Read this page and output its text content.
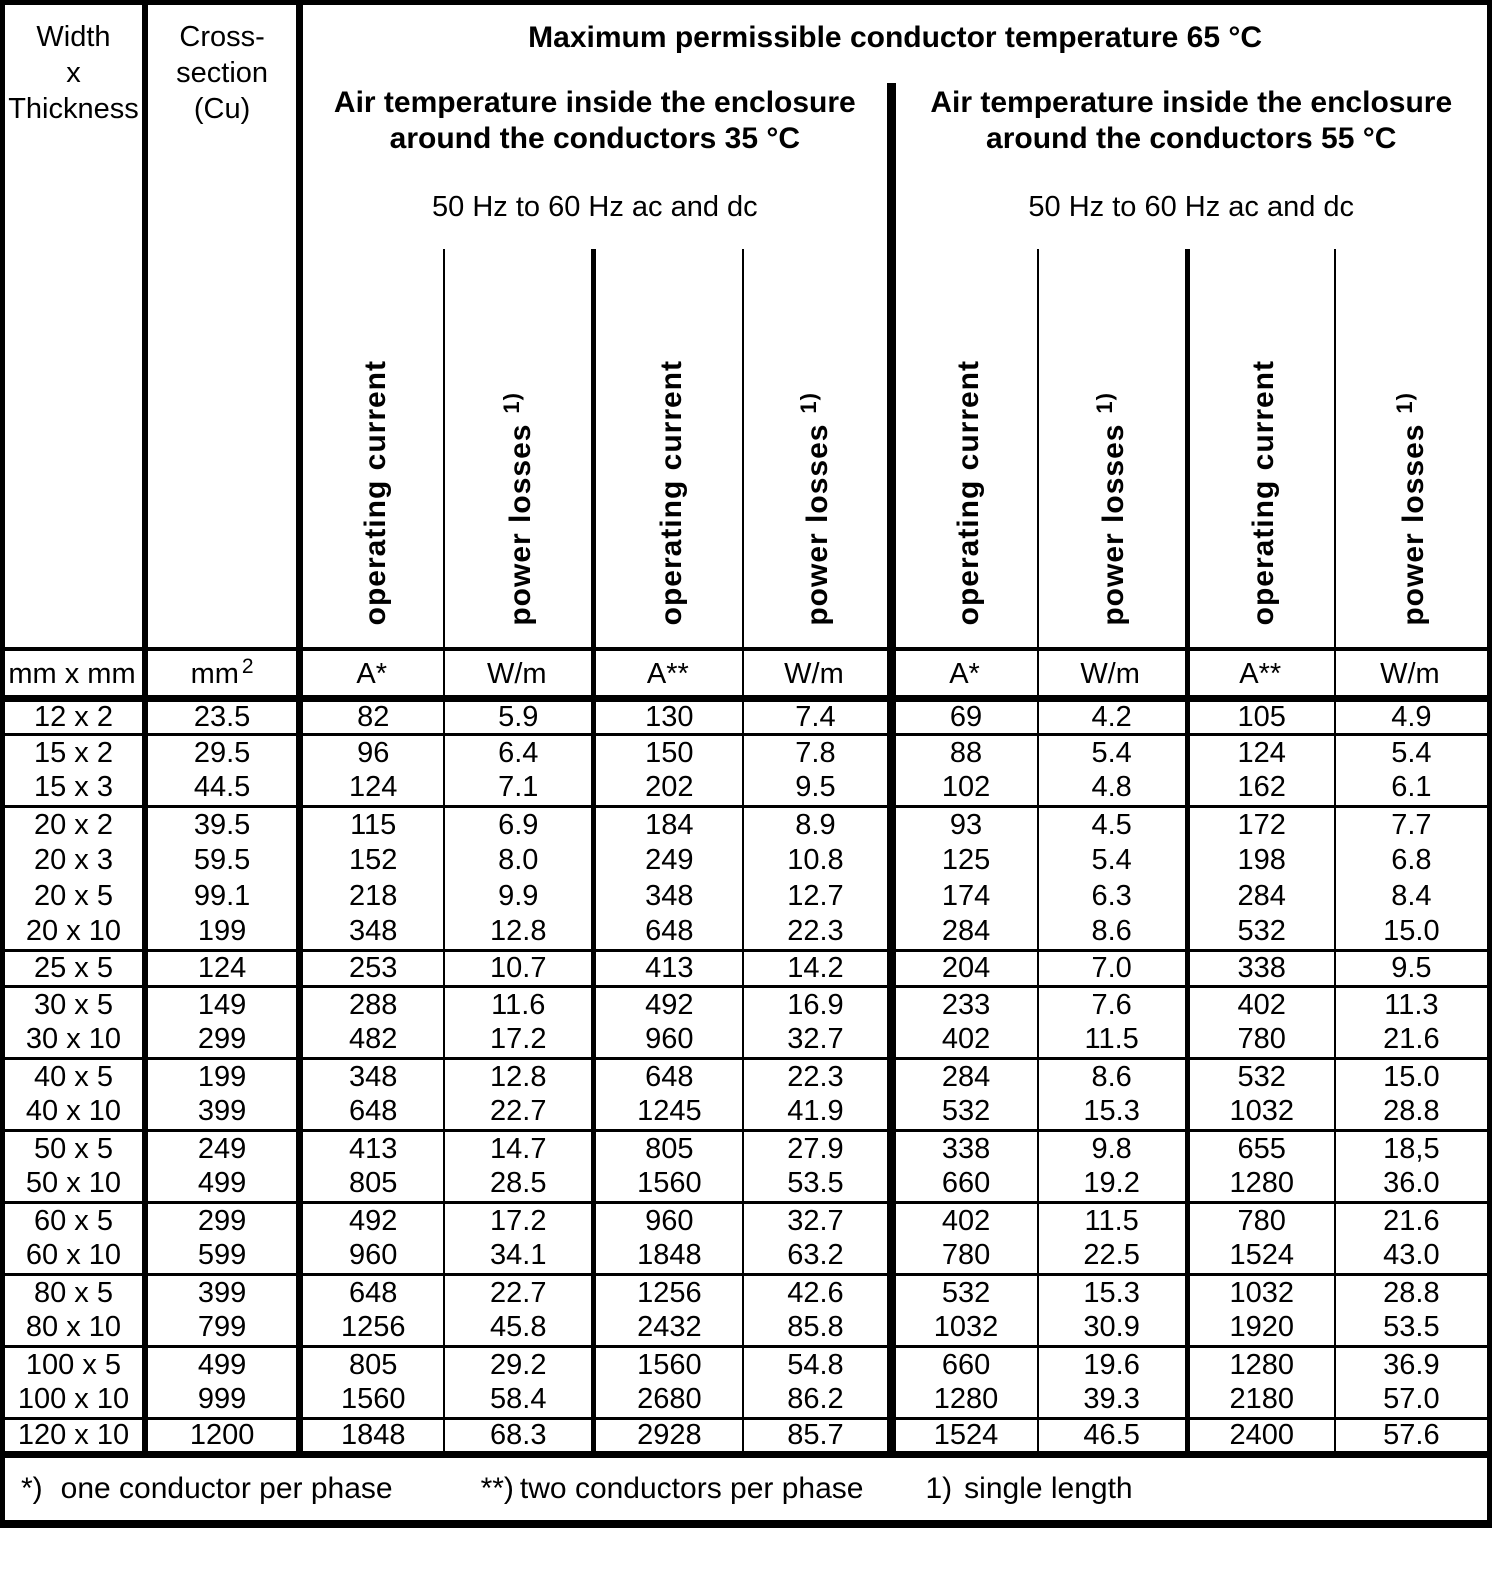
Width
x
Thickness	Cross-
section
(Cu)	Maximum permissible conductor temperature 65 °C							

		Air temperature inside the enclosure
around the conductors 35 °C				Air temperature inside the enclosure
around the conductors 55 °C			

		50 Hz to 60 Hz ac and dc				50 Hz to 60 Hz ac and dc			
		operating current	power losses$^{1)}$	operating current	power losses$^{1)}$	operating current	power losses$^{1)}$	operating current	power losses$^{1)}$
mm x mm	mm $^2$	A*	W/m	A**	W/m	A*	W/m	A**	W/m
12 x 2	23.5	82	5.9	130	7.4	69	4.2	105	4.9
15 x 2	29.5	96	6.4	150	7.8	88	5.4	124	5.4
15 x 3	44.5	124	7.1	202	9.5	102	4.8	162	6.1
20 x 2	39.5	115	6.9	184	8.9	93	4.5	172	7.7
20 x 3	59.5	152	8.0	249	10.8	125	5.4	198	6.8
20 x 5	99.1	218	9.9	348	12.7	174	6.3	284	8.4
20 x 10	199	348	12.8	648	22.3	284	8.6	532	15.0
25 x 5	124	253	10.7	413	14.2	204	7.0	338	9.5
30 x 5	149	288	11.6	492	16.9	233	7.6	402	11.3
30 x 10	299	482	17.2	960	32.7	402	11.5	780	21.6
40 x 5	199	348	12.8	648	22.3	284	8.6	532	15.0
40 x 10	399	648	22.7	1245	41.9	532	15.3	1032	28.8
50 x 5	249	413	14.7	805	27.9	338	9.8	655	18,5
50 x 10	499	805	28.5	1560	53.5	660	19.2	1280	36.0
60 x 5	299	492	17.2	960	32.7	402	11.5	780	21.6
60 x 10	599	960	34.1	1848	63.2	780	22.5	1524	43.0
80 x 5	399	648	22.7	1256	42.6	532	15.3	1032	28.8
80 x 10	799	1256	45.8	2432	85.8	1032	30.9	1920	53.5
100 x 5	499	805	29.2	1560	54.8	660	19.6	1280	36.9
100 x 10	999	1560	58.4	2680	86.2	1280	39.3	2180	57.0
120 x 10	1200	1848	68.3	2928	85.7	1524	46.5	2400	57.6
*) one conductor per phase **) two conductors per phase 1) single length									
